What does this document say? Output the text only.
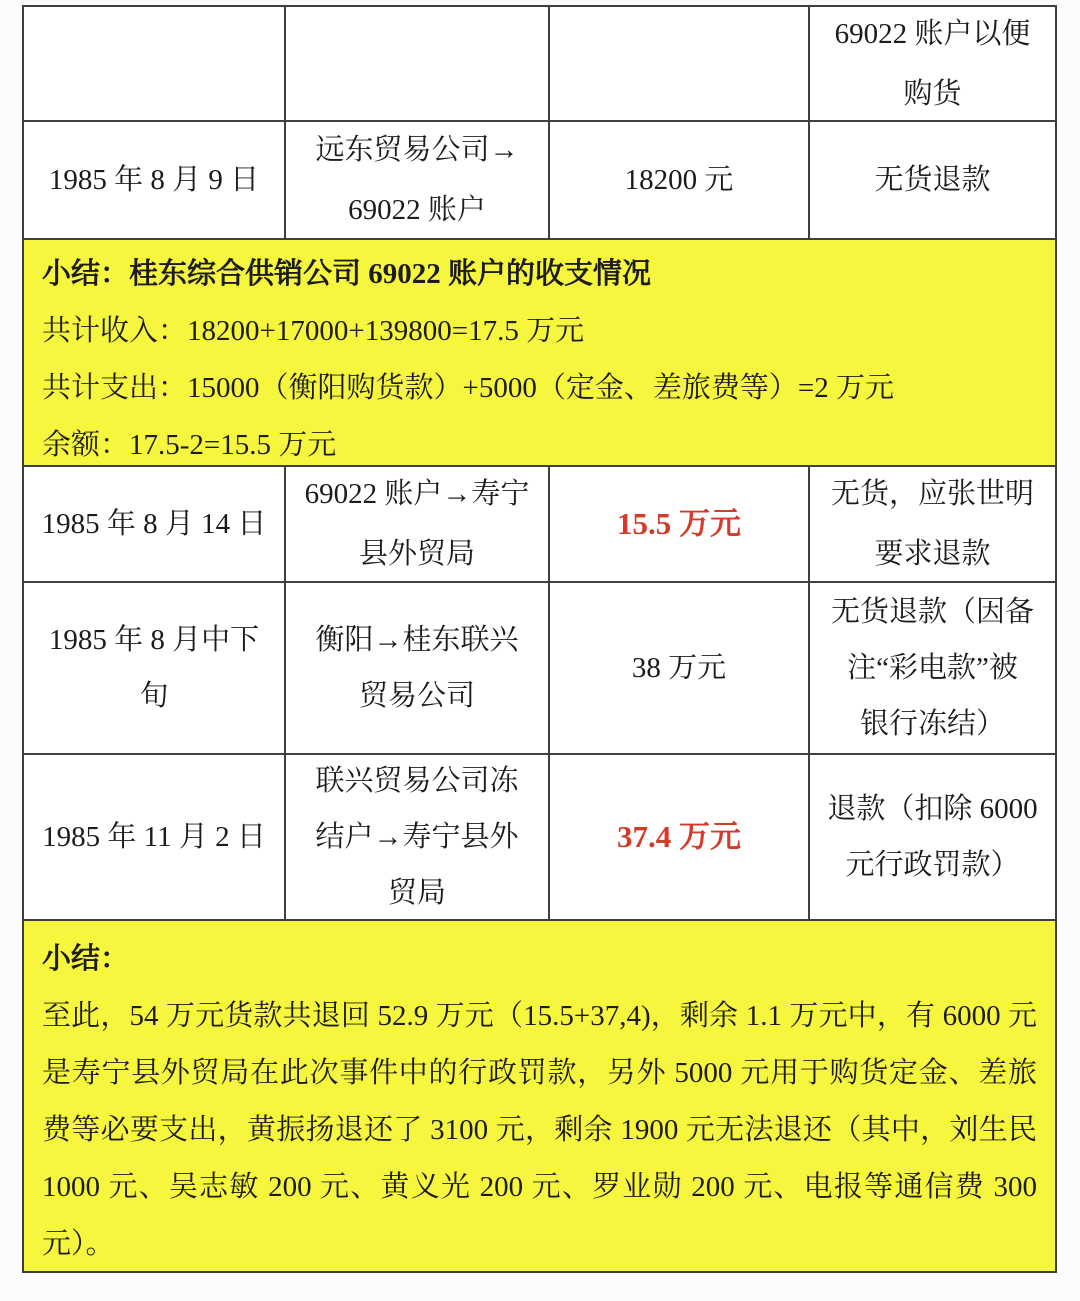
69022 账户以便
购货
1985 年 8 月 9 日
远东贸易公司→
69022 账户
18200 元	无货退款
小结：桂东综合供销公司 69022 账户的收支情况
共计收入：18200+17000+139800=17.5 万元
共计支出：15000（衡阳购货款）+5000（定金、差旅费等）=2 万元
余额：17.5-2=15.5 万元
1985 年 8 月 14 日
69022 账户→寿宁
县外贸局
15.5 万元
无货，应张世明
要求退款
1985 年 8 月中下
旬
衡阳→桂东联兴
贸易公司
38 万元
无货退款（因备
注“彩电款”被
银行冻结）
1985 年 11 月 2 日
联兴贸易公司冻
结户→寿宁县外
贸局
37.4 万元
退款（扣除 6000
元行政罚款）
小结：
至此，54 万元货款共退回 52.9 万元（15.5+37,4)，剩余 1.1 万元中，有 6000 元是寿宁县外贸局在此次事件中的行政罚款，另外 5000 元用于购货定金、差旅费等必要支出，黄振扬退还了 3100 元，剩余 1900 元无法退还（其中，刘生民 1000 元、吴志敏 200 元、黄义光 200 元、罗业勋 200 元、电报等通信费 300 元）。
